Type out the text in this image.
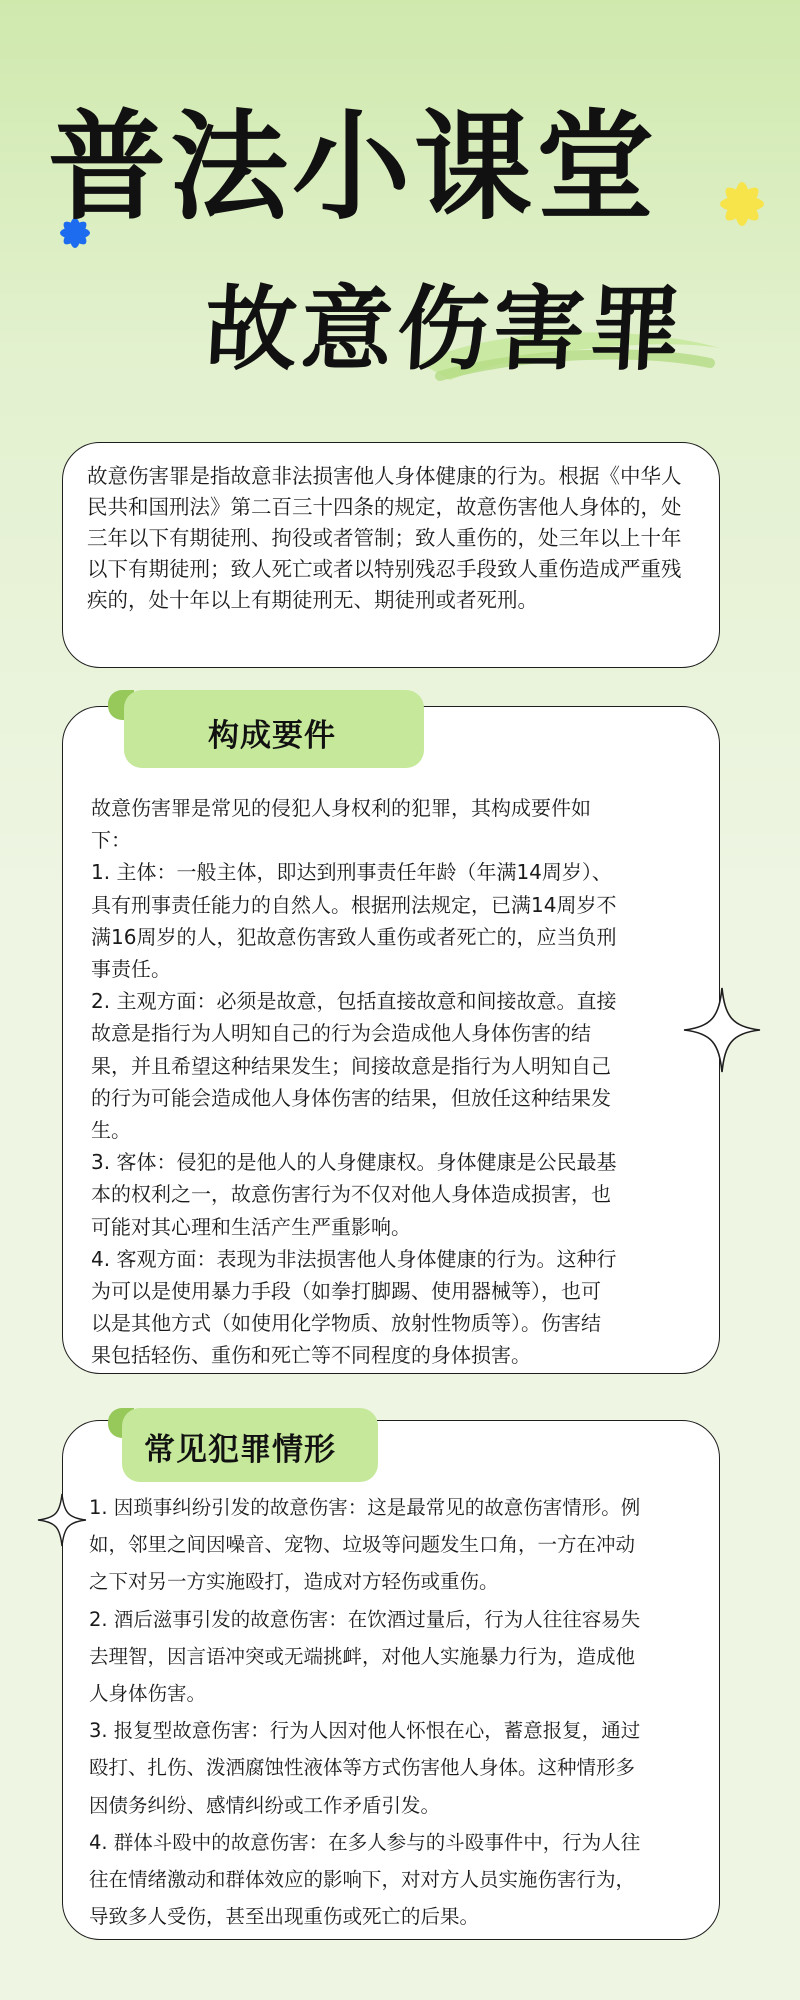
普法小课堂
故意伤害罪

故意伤害罪是指故意非法损害他人身体健康的行为。根据《中华人民共和国刑法》第二百三十四条的规定，故意伤害他人身体的，处三年以下有期徒刑、拘役或者管制；致人重伤的，处三年以上十年以下有期徒刑；致人死亡或者以特别残忍手段致人重伤造成严重残疾的，处十年以上有期徒刑无、期徒刑或者死刑。

故意伤害罪是常见的侵犯人身权利的犯罪，其构成要件如
下：
1. 主体：一般主体，即达到刑事责任年龄（年满14周岁）、
具有刑事责任能力的自然人。根据刑法规定，已满14周岁不
满16周岁的人，犯故意伤害致人重伤或者死亡的，应当负刑
事责任。
2. 主观方面：必须是故意，包括直接故意和间接故意。直接
故意是指行为人明知自己的行为会造成他人身体伤害的结
果，并且希望这种结果发生；间接故意是指行为人明知自己
的行为可能会造成他人身体伤害的结果，但放任这种结果发
生。
3. 客体：侵犯的是他人的人身健康权。身体健康是公民最基
本的权利之一，故意伤害行为不仅对他人身体造成损害，也
可能对其心理和生活产生严重影响。
4. 客观方面：表现为非法损害他人身体健康的行为。这种行
为可以是使用暴力手段（如拳打脚踢、使用器械等），也可
以是其他方式（如使用化学物质、放射性物质等）。伤害结
果包括轻伤、重伤和死亡等不同程度的身体损害。
构成要件
1. 因琐事纠纷引发的故意伤害：这是最常见的故意伤害情形。例
如，邻里之间因噪音、宠物、垃圾等问题发生口角，一方在冲动
之下对另一方实施殴打，造成对方轻伤或重伤。
2. 酒后滋事引发的故意伤害：在饮酒过量后，行为人往往容易失
去理智，因言语冲突或无端挑衅，对他人实施暴力行为，造成他
人身体伤害。
3. 报复型故意伤害：行为人因对他人怀恨在心，蓄意报复，通过
殴打、扎伤、泼洒腐蚀性液体等方式伤害他人身体。这种情形多
因债务纠纷、感情纠纷或工作矛盾引发。
4. 群体斗殴中的故意伤害：在多人参与的斗殴事件中，行为人往
往在情绪激动和群体效应的影响下，对对方人员实施伤害行为，
导致多人受伤，甚至出现重伤或死亡的后果。
常见犯罪情形
